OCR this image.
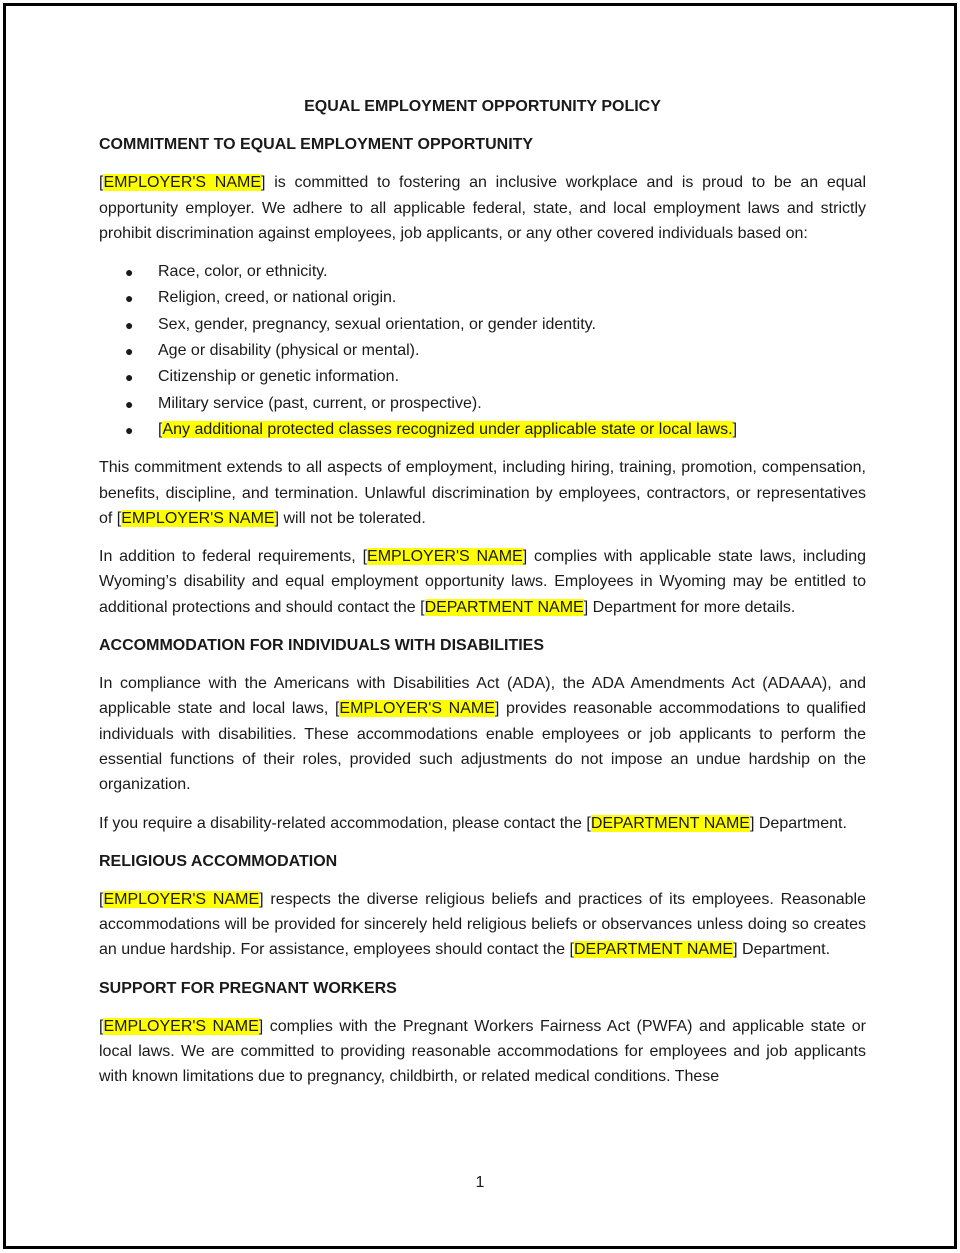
EQUAL EMPLOYMENT OPPORTUNITY POLICY
COMMITMENT TO EQUAL EMPLOYMENT OPPORTUNITY

[EMPLOYER'S NAME] is committed to fostering an inclusive workplace and is proud to be an equal opportunity employer. We adhere to all applicable federal, state, and local employment laws and strictly prohibit discrimination against employees, job applicants, or any other covered individuals based on:

● Race, color, or ethnicity.
● Religion, creed, or national origin.
● Sex, gender, pregnancy, sexual orientation, or gender identity.
● Age or disability (physical or mental).
● Citizenship or genetic information.
● Military service (past, current, or prospective).
● [Any additional protected classes recognized under applicable state or local laws.]

This commitment extends to all aspects of employment, including hiring, training, promotion, compensation, benefits, discipline, and termination. Unlawful discrimination by employees, contractors, or representatives of [EMPLOYER'S NAME] will not be tolerated.

In addition to federal requirements, [EMPLOYER'S NAME] complies with applicable state laws, including Wyoming’s disability and equal employment opportunity laws. Employees in Wyoming may be entitled to additional protections and should contact the [DEPARTMENT NAME] Department for more details.

ACCOMMODATION FOR INDIVIDUALS WITH DISABILITIES

In compliance with the Americans with Disabilities Act (ADA), the ADA Amendments Act (ADAAA), and applicable state and local laws, [EMPLOYER'S NAME] provides reasonable accommodations to qualified individuals with disabilities. These accommodations enable employees or job applicants to perform the essential functions of their roles, provided such adjustments do not impose an undue hardship on the organization.

If you require a disability-related accommodation, please contact the [DEPARTMENT NAME] Department.

RELIGIOUS ACCOMMODATION

[EMPLOYER'S NAME] respects the diverse religious beliefs and practices of its employees. Reasonable accommodations will be provided for sincerely held religious beliefs or observances unless doing so creates an undue hardship. For assistance, employees should contact the [DEPARTMENT NAME] Department.

SUPPORT FOR PREGNANT WORKERS

[EMPLOYER'S NAME] complies with the Pregnant Workers Fairness Act (PWFA) and applicable state or local laws. We are committed to providing reasonable accommodations for employees and job applicants with known limitations due to pregnancy, childbirth, or related medical conditions. These

1
